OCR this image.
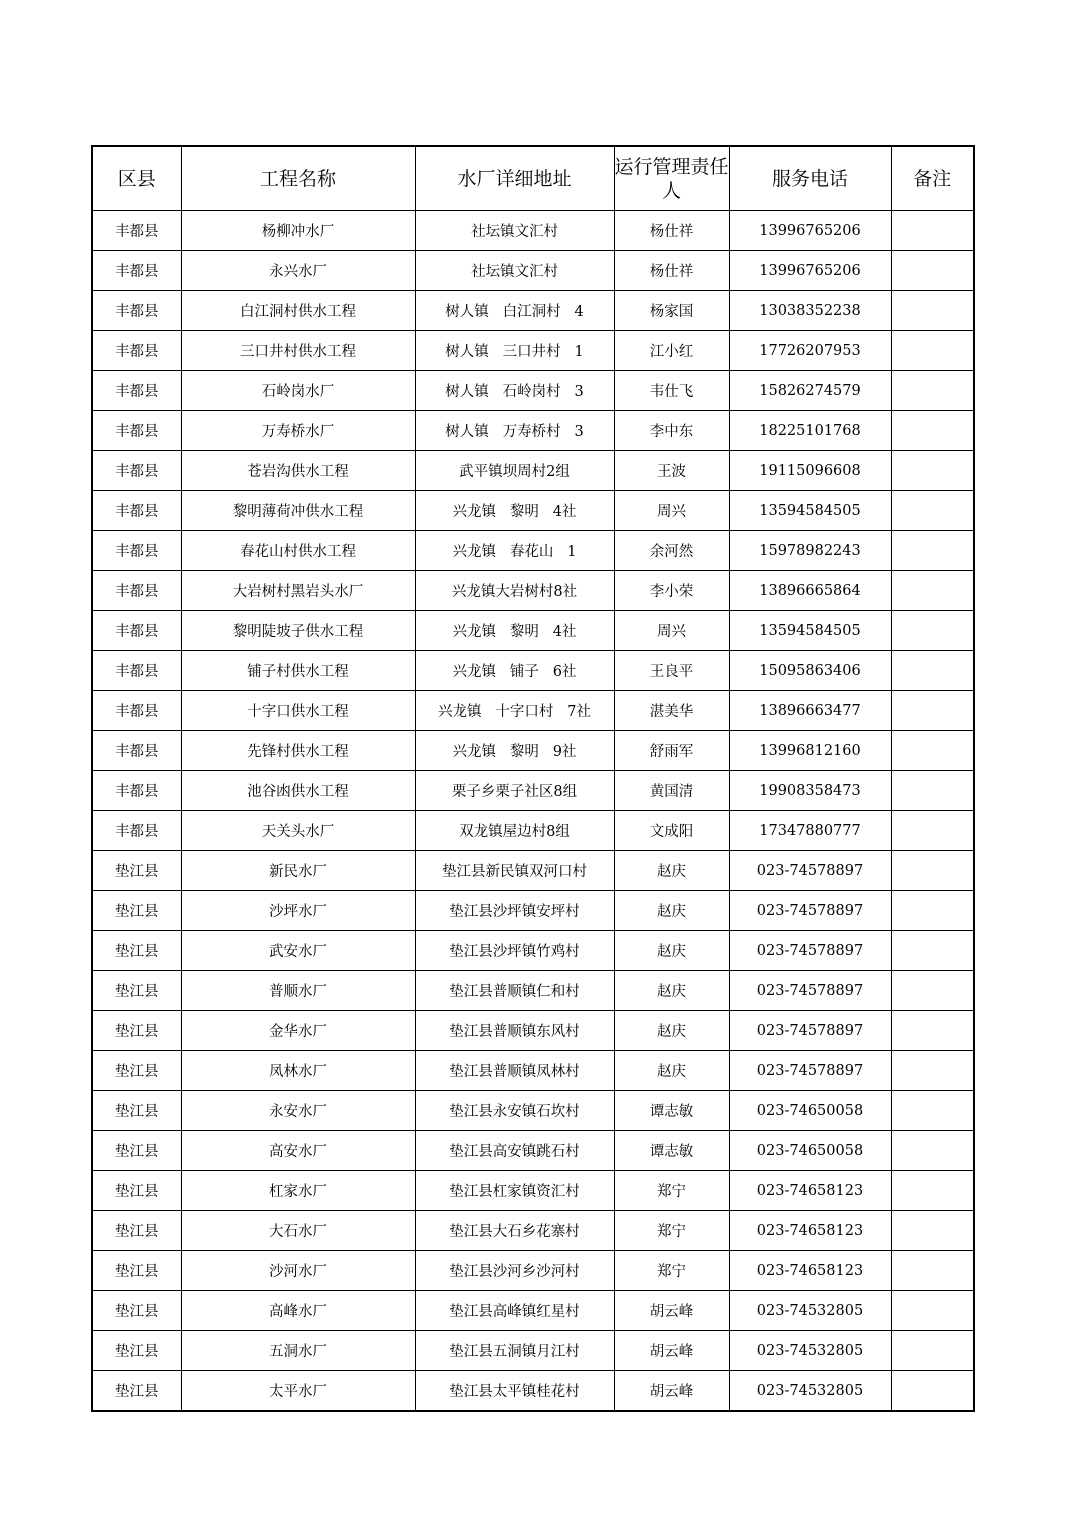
区县	工程名称	水厂详细地址	运行管理责任人	服务电话	备注
丰都县	杨柳冲水厂	社坛镇文汇村	杨仕祥	13996765206	
丰都县	永兴水厂	社坛镇文汇村	杨仕祥	13996765206	
丰都县	白江洞村供水工程	树人镇   白江洞村   4	杨家国	13038352238	
丰都县	三口井村供水工程	树人镇   三口井村   1	江小红	17726207953	
丰都县	石岭岗水厂	树人镇   石岭岗村   3	韦仕飞	15826274579	
丰都县	万寿桥水厂	树人镇   万寿桥村   3	李中东	18225101768	
丰都县	苍岩沟供水工程	武平镇坝周村2组	王波	19115096608	
丰都县	黎明薄荷冲供水工程	兴龙镇   黎明   4社	周兴	13594584505	
丰都县	春花山村供水工程	兴龙镇   春花山   1	余河然	15978982243	
丰都县	大岩树村黑岩头水厂	兴龙镇大岩树村8社	李小荣	13896665864	
丰都县	黎明陡坡子供水工程	兴龙镇   黎明   4社	周兴	13594584505	
丰都县	铺子村供水工程	兴龙镇   铺子   6社	王良平	15095863406	
丰都县	十字口供水工程	兴龙镇   十字口村   7社	湛美华	13896663477	
丰都县	先锋村供水工程	兴龙镇   黎明   9社	舒雨军	13996812160	
丰都县	池谷凼供水工程	栗子乡栗子社区8组	黄国清	19908358473	
丰都县	天关头水厂	双龙镇屋边村8组	文成阳	17347880777	
垫江县	新民水厂	垫江县新民镇双河口村	赵庆	023-74578897	
垫江县	沙坪水厂	垫江县沙坪镇安坪村	赵庆	023-74578897	
垫江县	武安水厂	垫江县沙坪镇竹鸡村	赵庆	023-74578897	
垫江县	普顺水厂	垫江县普顺镇仁和村	赵庆	023-74578897	
垫江县	金华水厂	垫江县普顺镇东风村	赵庆	023-74578897	
垫江县	凤林水厂	垫江县普顺镇凤林村	赵庆	023-74578897	
垫江县	永安水厂	垫江县永安镇石坎村	谭志敏	023-74650058	
垫江县	高安水厂	垫江县高安镇跳石村	谭志敏	023-74650058	
垫江县	杠家水厂	垫江县杠家镇资汇村	郑宁	023-74658123	
垫江县	大石水厂	垫江县大石乡花寨村	郑宁	023-74658123	
垫江县	沙河水厂	垫江县沙河乡沙河村	郑宁	023-74658123	
垫江县	高峰水厂	垫江县高峰镇红星村	胡云峰	023-74532805	
垫江县	五洞水厂	垫江县五洞镇月江村	胡云峰	023-74532805	
垫江县	太平水厂	垫江县太平镇桂花村	胡云峰	023-74532805	
